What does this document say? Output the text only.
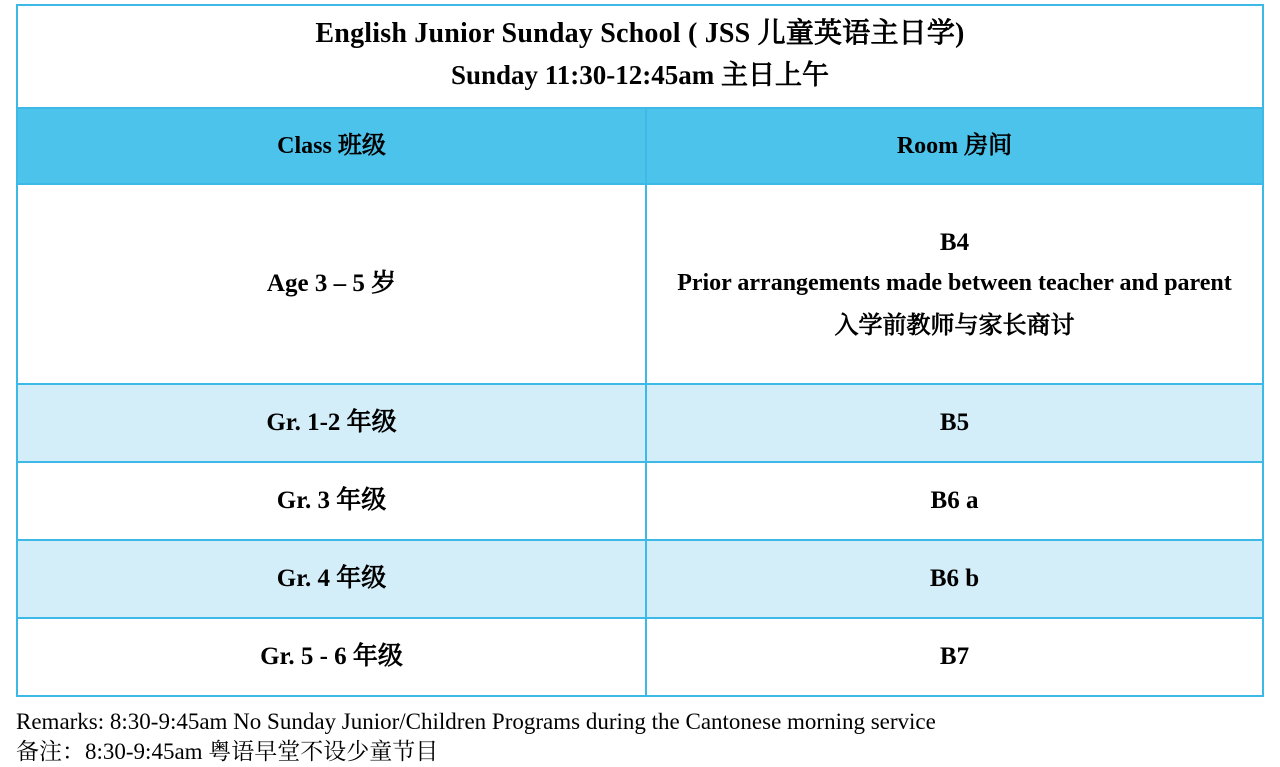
English Junior Sunday School ( JSS 儿童英语主日学)
Sunday 11:30-12:45am 主日上午	

Class 班级	Room 房间
Age 3 – 5 岁	B4
Prior arrangements made between teacher and parent
入学前教师与家长商讨

Gr. 1-2 年级	B5
Gr. 3 年级	B6 a
Gr. 4 年级	B6 b
Gr. 5 - 6 年级	B7
Remarks: 8:30-9:45am No Sunday Junior/Children Programs during the Cantonese morning service
备注：8:30-9:45am 粤语早堂不设少童节目
